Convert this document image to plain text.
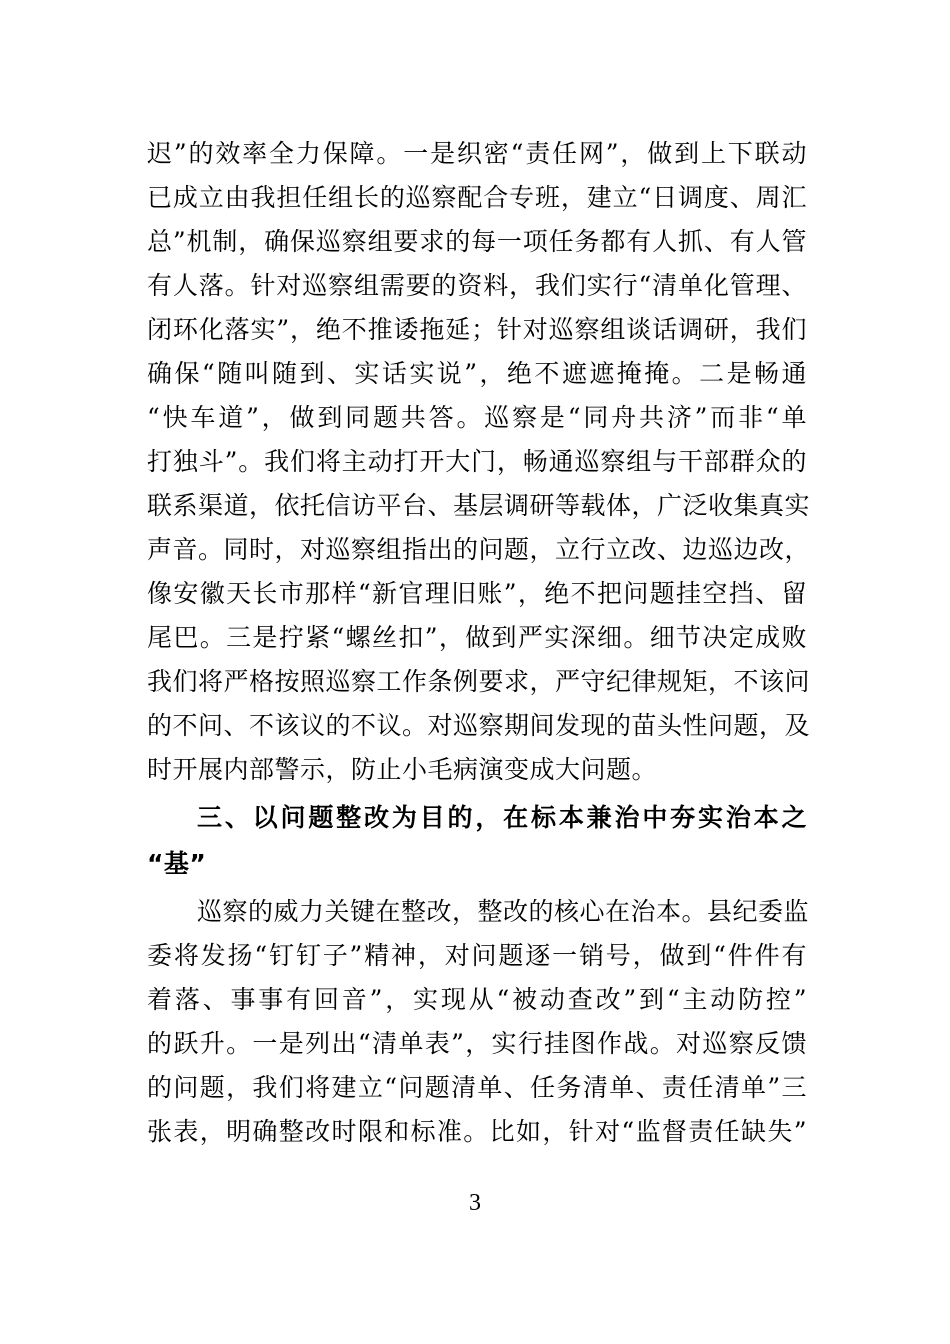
迟”的效率全力保障。一是织密“责任网”，做到上下联动
已成立由我担任组长的巡察配合专班，建立“日调度、周汇
总”机制，确保巡察组要求的每一项任务都有人抓、有人管
有人落。针对巡察组需要的资料，我们实行“清单化管理、
闭环化落实”，绝不推诿拖延；针对巡察组谈话调研，我们
确保“随叫随到、实话实说”，绝不遮遮掩掩。二是畅通
“快车道”，做到同题共答。巡察是“同舟共济”而非“单
打独斗”。我们将主动打开大门，畅通巡察组与干部群众的
联系渠道，依托信访平台、基层调研等载体，广泛收集真实
声音。同时，对巡察组指出的问题，立行立改、边巡边改，
像安徽天长市那样“新官理旧账”，绝不把问题挂空挡、留
尾巴。三是拧紧“螺丝扣”，做到严实深细。细节决定成败
我们将严格按照巡察工作条例要求，严守纪律规矩，不该问
的不问、不该议的不议。对巡察期间发现的苗头性问题，及
时开展内部警示，防止小毛病演变成大问题。
三、以问题整改为目的，在标本兼治中夯实治本之
“基”
巡察的威力关键在整改，整改的核心在治本。县纪委监
委将发扬“钉钉子”精神，对问题逐一销号，做到“件件有
着落、事事有回音”，实现从“被动查改”到“主动防控”
的跃升。一是列出“清单表”，实行挂图作战。对巡察反馈
的问题，我们将建立“问题清单、任务清单、责任清单”三
张表，明确整改时限和标准。比如，针对“监督责任缺失”
3
